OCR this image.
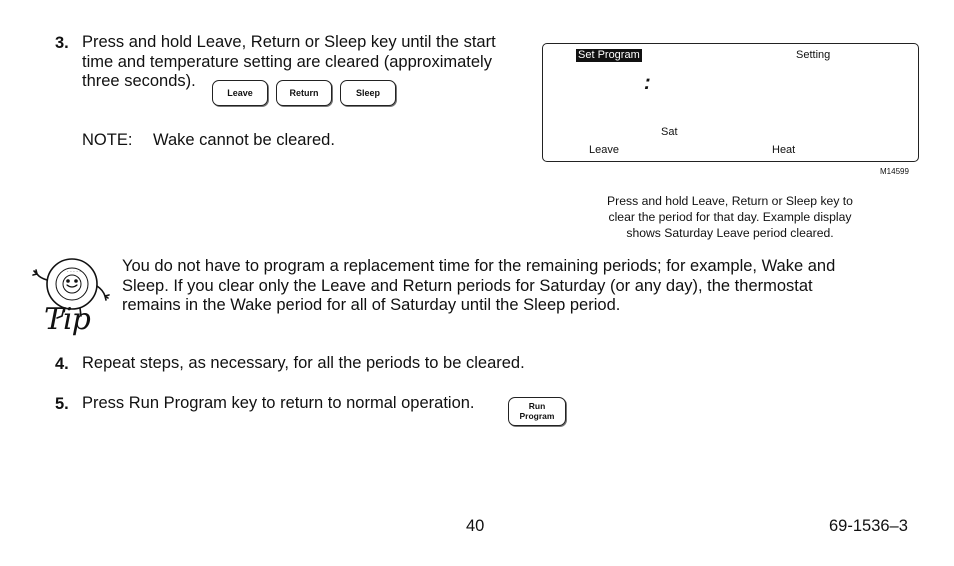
3. Press and hold Leave, Return or Sleep key until the start
time and temperature setting are cleared (approximately
three seconds).
Leave	Return	Sleep
NOTE: Wake cannot be cleared.
Set Program	Setting
:
Sat
Leave	Heat
M14599
Press and hold Leave, Return or Sleep key to
clear the period for that day. Example display
shows Saturday Leave period cleared.
· · · · ·
Tip
You do not have to program a replacement time for the remaining periods; for example, Wake and
Sleep. If you clear only the Leave and Return periods for Saturday (or any day), the thermostat
remains in the Wake period for all of Saturday until the Sleep period.
4. Repeat steps, as necessary, for all the periods to be cleared.
5. Press Run Program key to return to normal operation.	Run
Program
40	69-1536–3
